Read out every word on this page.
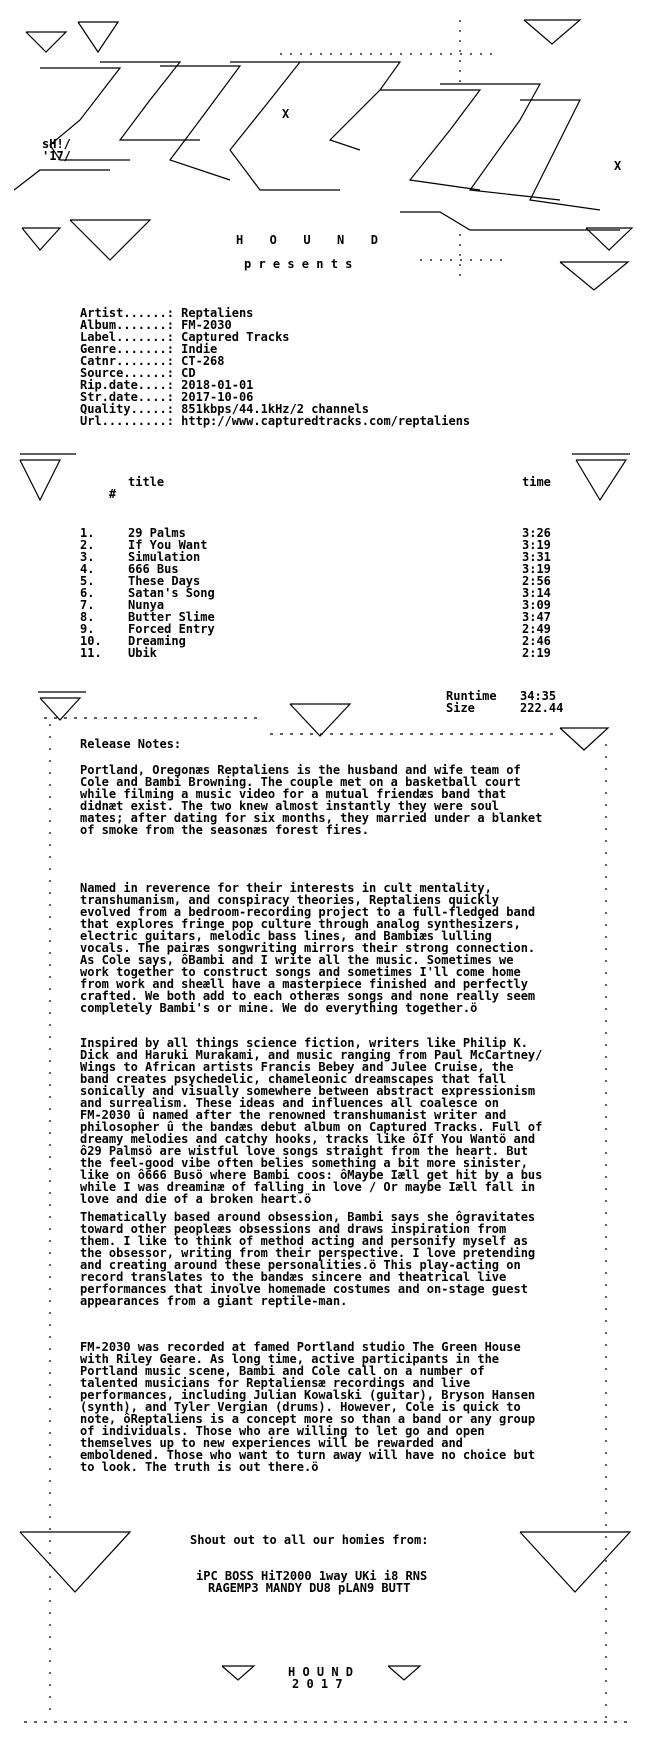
X
X
sH!/
'17/
H  O  U  N  D
p r e s e n t s
Artist......: Reptaliens
Album.......: FM-2030
Label.......: Captured Tracks
Genre.......: Indie
Catnr.......: CT-268
Source......: CD
Rip.date....: 2018-01-01
Str.date....: 2017-10-06
Quality.....: 851kbps/44.1kHz/2 channels
Url.........: http://www.capturedtracks.com/reptaliens

#

title	time
1.	29 Palms	3:26
2.	If You Want	3:19
3.	Simulation	3:31
4.	666 Bus	3:19
5.	These Days	2:56
6.	Satan's Song	3:14
7.	Nunya	3:09
8.	Butter Slime	3:47
9.	Forced Entry	2:49
10. Dreaming	2:46
11. Ubik	2:19
Runtime 34:35
Size	222.44
Release Notes:
Portland, Oregonæs Reptaliens is the husband and wife team of
Cole and Bambi Browning. The couple met on a basketball court
while filming a music video for a mutual friendæs band that
didnæt exist. The two knew almost instantly they were soul
mates; after dating for six months, they married under a blanket
of smoke from the seasonæs forest fires.
Named in reverence for their interests in cult mentality,
transhumanism, and conspiracy theories, Reptaliens quickly
evolved from a bedroom-recording project to a full-fledged band
that explores fringe pop culture through analog synthesizers,
electric guitars, melodic bass lines, and Bambiæs lulling
vocals. The pairæs songwriting mirrors their strong connection.
As Cole says, ôBambi and I write all the music. Sometimes we
work together to construct songs and sometimes I'll come home
from work and sheæll have a masterpiece finished and perfectly
crafted. We both add to each otheræs songs and none really seem
completely Bambi's or mine. We do everything together.ö
Inspired by all things science fiction, writers like Philip K.
Dick and Haruki Murakami, and music ranging from Paul McCartney/
Wings to African artists Francis Bebey and Julee Cruise, the
band creates psychedelic, chameleonic dreamscapes that fall
sonically and visually somewhere between abstract expressionism
and surrealism. These ideas and influences all coalesce on
FM-2030 û named after the renowned transhumanist writer and
philosopher û the bandæs debut album on Captured Tracks. Full of
dreamy melodies and catchy hooks, tracks like ôIf You Wantö and
ô29 Palmsö are wistful love songs straight from the heart. But
the feel-good vibe often belies something a bit more sinister,
like on ô666 Busö where Bambi coos: ôMaybe Iæll get hit by a bus
while I was dreaminæ of falling in love / Or maybe Iæll fall in
love and die of a broken heart.ö
Thematically based around obsession, Bambi says she ôgravitates
toward other peopleæs obsessions and draws inspiration from
them. I like to think of method acting and personify myself as
the obsessor, writing from their perspective. I love pretending
and creating around these personalities.ö This play-acting on
record translates to the bandæs sincere and theatrical live
performances that involve homemade costumes and on-stage guest
appearances from a giant reptile-man.
FM-2030 was recorded at famed Portland studio The Green House
with Riley Geare. As long time, active participants in the
Portland music scene, Bambi and Cole call on a number of
talented musicians for Reptaliensæ recordings and live
performances, including Julian Kowalski (guitar), Bryson Hansen
(synth), and Tyler Vergian (drums). However, Cole is quick to
note, ôReptaliens is a concept more so than a band or any group
of individuals. Those who are willing to let go and open
themselves up to new experiences will be rewarded and
emboldened. Those who want to turn away will have no choice but
to look. The truth is out there.ö
Shout out to all our homies from:
iPC BOSS HiT2000 1way UKi i8 RNS
RAGEMP3 MANDY DU8 pLAN9 BUTT
H O U N D
2 0 1 7
